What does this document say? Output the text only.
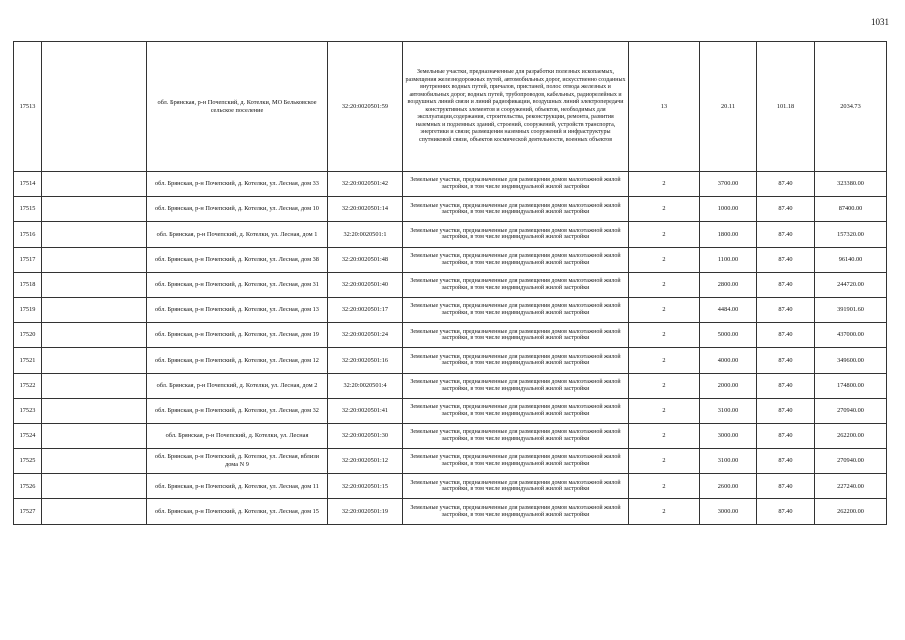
1031
17513		обл. Брянская, р-н Почепский, д. Котелки, МО Бельковское сельское поселение	32:20:0020501:59	Земельные участки, предназначенные для разработки полезных ископаемых, размещения железнодорожных путей, автомобильных дорог, искусственно созданных внутренних водных путей, причалов, пристаней, полос отвода железных и автомобильных дорог, водных путей, трубопроводов, кабельных, радиорелейных и воздушных линий связи и линий радиофикации, воздушных линий электропередачи конструктивных элементов и сооружений, объектов, необходимых для эксплуатации,содержания, строительства, реконструкции, ремонта, развития наземных и подземных зданий, строений, сооружений, устройств транспорта, энергетики и связи; размещения наземных сооружений и инфраструктуры спутниковой связи, объектов космической деятельности, военных объектов	13	20.11	101.18	2034.73
17514		обл. Брянская, р-н Почепский, д. Котелки, ул. Лесная, дом 33	32:20:0020501:42	Земельные участки, предназначенные для размещения домов малоэтажной жилой застройки, в том числе индивидуальной жилой застройки	2	3700.00	87.40	323380.00
17515		обл. Брянская, р-н Почепский, д. Котелки, ул. Лесная, дом 10	32:20:0020501:14	Земельные участки, предназначенные для размещения домов малоэтажной жилой застройки, в том числе индивидуальной жилой застройки	2	1000.00	87.40	87400.00
17516		обл. Брянская, р-н Почепский, д. Котелки, ул. Лесная, дом 1	32:20:0020501:1	Земельные участки, предназначенные для размещения домов малоэтажной жилой застройки, в том числе индивидуальной жилой застройки	2	1800.00	87.40	157320.00
17517		обл. Брянская, р-н Почепский, д. Котелки, ул. Лесная, дом 38	32:20:0020501:48	Земельные участки, предназначенные для размещения домов малоэтажной жилой застройки, в том числе индивидуальной жилой застройки	2	1100.00	87.40	96140.00
17518		обл. Брянская, р-н Почепский, д. Котелки, ул. Лесная, дом 31	32:20:0020501:40	Земельные участки, предназначенные для размещения домов малоэтажной жилой застройки, в том числе индивидуальной жилой застройки	2	2800.00	87.40	244720.00
17519		обл. Брянская, р-н Почепский, д. Котелки, ул. Лесная, дом 13	32:20:0020501:17	Земельные участки, предназначенные для размещения домов малоэтажной жилой застройки, в том числе индивидуальной жилой застройки	2	4484.00	87.40	391901.60
17520		обл. Брянская, р-н Почепский, д. Котелки, ул. Лесная, дом 19	32:20:0020501:24	Земельные участки, предназначенные для размещения домов малоэтажной жилой застройки, в том числе индивидуальной жилой застройки	2	5000.00	87.40	437000.00
17521		обл. Брянская, р-н Почепский, д. Котелки, ул. Лесная, дом 12	32:20:0020501:16	Земельные участки, предназначенные для размещения домов малоэтажной жилой застройки, в том числе индивидуальной жилой застройки	2	4000.00	87.40	349600.00
17522		обл. Брянская, р-н Почепский, д. Котелки, ул. Лесная, дом 2	32:20:0020501:4	Земельные участки, предназначенные для размещения домов малоэтажной жилой застройки, в том числе индивидуальной жилой застройки	2	2000.00	87.40	174800.00
17523		обл. Брянская, р-н Почепский, д. Котелки, ул. Лесная, дом 32	32:20:0020501:41	Земельные участки, предназначенные для размещения домов малоэтажной жилой застройки, в том числе индивидуальной жилой застройки	2	3100.00	87.40	270940.00
17524		обл. Брянская, р-н Почепский, д. Котелки, ул. Лесная	32:20:0020501:30	Земельные участки, предназначенные для размещения домов малоэтажной жилой застройки, в том числе индивидуальной жилой застройки	2	3000.00	87.40	262200.00
17525		обл. Брянская, р-н Почепский, д. Котелки, ул. Лесная, вблизи дома N 9	32:20:0020501:12	Земельные участки, предназначенные для размещения домов малоэтажной жилой застройки, в том числе индивидуальной жилой застройки	2	3100.00	87.40	270940.00
17526		обл. Брянская, р-н Почепский, д. Котелки, ул. Лесная, дом 11	32:20:0020501:15	Земельные участки, предназначенные для размещения домов малоэтажной жилой застройки, в том числе индивидуальной жилой застройки	2	2600.00	87.40	227240.00
17527		обл. Брянская, р-н Почепский, д. Котелки, ул. Лесная, дом 15	32:20:0020501:19	Земельные участки, предназначенные для размещения домов малоэтажной жилой застройки, в том числе индивидуальной жилой застройки	2	3000.00	87.40	262200.00
